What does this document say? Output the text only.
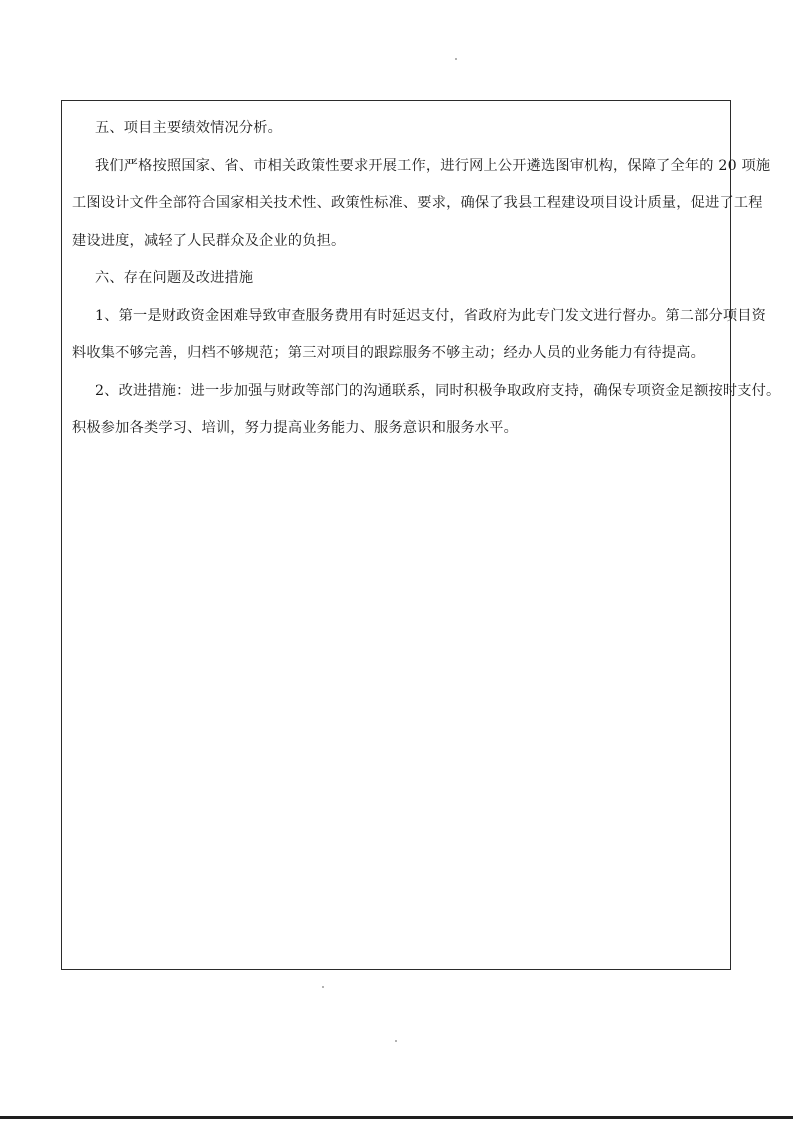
五、项目主要绩效情况分析。
我们严格按照国家、省、市相关政策性要求开展工作，进行网上公开遴选图审机构，保障了全年的 20 项施
工图设计文件全部符合国家相关技术性、政策性标准、要求，确保了我县工程建设项目设计质量，促进了工程
建设进度，减轻了人民群众及企业的负担。
六、存在问题及改进措施
1、第一是财政资金困难导致审查服务费用有时延迟支付，省政府为此专门发文进行督办。第二部分项目资
料收集不够完善，归档不够规范；第三对项目的跟踪服务不够主动；经办人员的业务能力有待提高。
2、改进措施：进一步加强与财政等部门的沟通联系，同时积极争取政府支持，确保专项资金足额按时支付。
积极参加各类学习、培训，努力提高业务能力、服务意识和服务水平。
